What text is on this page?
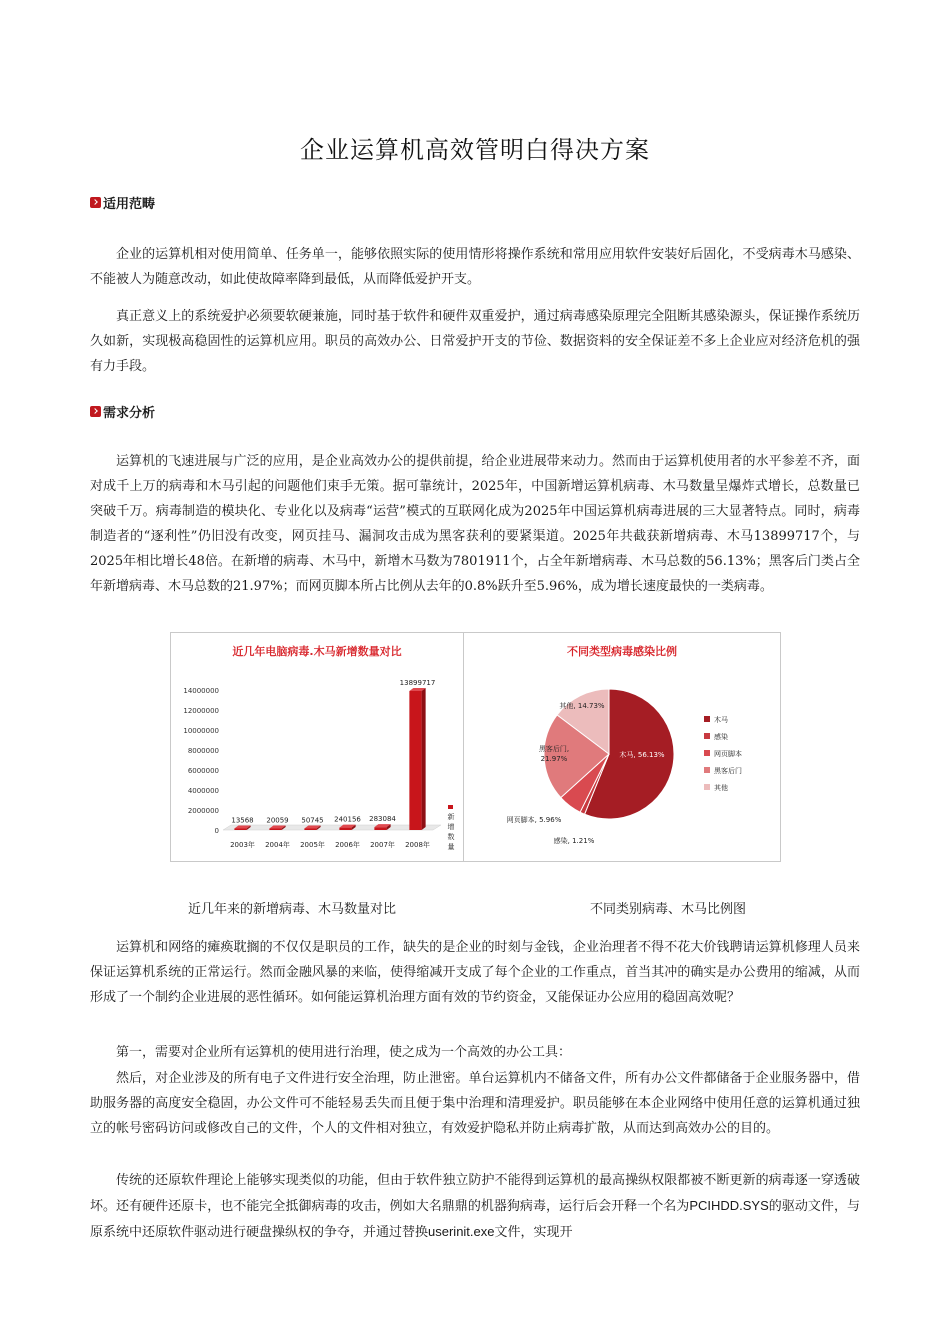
企业运算机高效管明白得决方案
适用范畴

企业的运算机相对使用简单、任务单一，能够依照实际的使用情形将操作系统和常用应用软件安装好后固化，不受病毒木马感染、不能被人为随意改动，如此使故障率降到最低，从而降低爱护开支。

真正意义上的系统爱护必须要软硬兼施，同时基于软件和硬件双重爱护，通过病毒感染原理完全阻断其感染源头，保证操作系统历久如新，实现极高稳固性的运算机应用。职员的高效办公、日常爱护开支的节俭、数据资料的安全保证差不多上企业应对经济危机的强有力手段。

需求分析

运算机的飞速进展与广泛的应用，是企业高效办公的提供前提，给企业进展带来动力。然而由于运算机使用者的水平参差不齐，面对成千上万的病毒和木马引起的问题他们束手无策。据可靠统计，2025年，中国新增运算机病毒、木马数量呈爆炸式增长，总数量已突破千万。病毒制造的模块化、专业化以及病毒“运营”模式的互联网化成为2025年中国运算机病毒进展的三大显著特点。同时，病毒制造者的“逐利性”仍旧没有改变，网页挂马、漏洞攻击成为黑客获利的要紧渠道。2025年共截获新增病毒、木马13899717个，与2025年相比增长48倍。在新增的病毒、木马中，新增木马数为7801911个，占全年新增病毒、木马总数的56.13%；黑客后门类占全年新增病毒、木马总数的21.97%；而网页脚本所占比例从去年的0.8%跃升至5.96%，成为增长速度最快的一类病毒。

近几年电脑病毒.木马新增数量对比
14000000
12000000
10000000
8000000
6000000
4000000
2000000
0
2003年 2004年 2005年 2006年 2007年 2008年
13568 20059 50745 240156 283084
13899717
新
增
数
量
不同类型病毒感染比例
木马, 56.13%
感染, 1.21%
网页脚本, 5.96%
黑客后门,
21.97%
其他, 14.73%
木马
感染
网页脚本
黑客后门
其他
近几年来的新增病毒、木马数量对比	不同类别病毒、木马比例图

运算机和网络的瘫痪耽搁的不仅仅是职员的工作，缺失的是企业的时刻与金钱，企业治理者不得不花大价钱聘请运算机修理人员来保证运算机系统的正常运行。然而金融风暴的来临，使得缩减开支成了每个企业的工作重点，首当其冲的确实是办公费用的缩减，从而形成了一个制约企业进展的恶性循环。如何能运算机治理方面有效的节约资金，又能保证办公应用的稳固高效呢？

第一，需要对企业所有运算机的使用进行治理，使之成为一个高效的办公工具：

然后，对企业涉及的所有电子文件进行安全治理，防止泄密。单台运算机内不储备文件，所有办公文件都储备于企业服务器中，借助服务器的高度安全稳固，办公文件可不能轻易丢失而且便于集中治理和清理爱护。职员能够在本企业网络中使用任意的运算机通过独立的帐号密码访问或修改自己的文件，个人的文件相对独立，有效爱护隐私并防止病毒扩散，从而达到高效办公的目的。

传统的还原软件理论上能够实现类似的功能，但由于软件独立防护不能得到运算机的最高操纵权限都被不断更新的病毒逐一穿透破坏。还有硬件还原卡，也不能完全抵御病毒的攻击，例如大名鼎鼎的机器狗病毒，运行后会开释一个名为PCIHDD.SYS的驱动文件，与原系统中还原软件驱动进行硬盘操纵权的争夺，并通过替换userinit.exe文件，实现开
